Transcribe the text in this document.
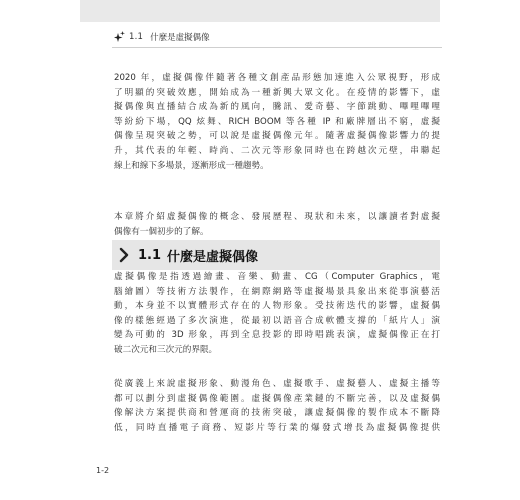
1.1 什麼是虛擬偶像
2020 年，虛擬偶像伴隨著各種文創產品形態加速進入公眾視野，形成
了明顯的突破效應，開始成為一種新興大眾文化。在疫情的影響下，虛
擬偶像與直播結合成為新的風向，騰訊、愛奇藝、字節跳動、嗶哩嗶哩
等紛紛下場，QQ 炫舞、RICH BOOM 等各種 IP 和廠牌層出不窮，虛擬
偶像呈現突破之勢，可以說是虛擬偶像元年。隨著虛擬偶像影響力的提
升，其代表的年輕、時尚、二次元等形象同時也在跨越次元壁，串聯起
線上和線下多場景，逐漸形成一種趨勢。
本章將介紹虛擬偶像的概念、發展歷程、現狀和未來，以讓讀者對虛擬
偶像有一個初步的了解。
1.1 什麼是虛擬偶像
虛擬偶像是指透過繪畫、音樂、動畫、CG（Computer Graphics，電
腦繪圖）等技術方法製作，在網際網路等虛擬場景具象出來從事演藝活
動，本身並不以實體形式存在的人物形象。受技術迭代的影響，虛擬偶
像的樣態經過了多次演進，從最初以語音合成軟體支撐的「紙片人」演
變為可動的 3D 形象，再到全息投影的即時唱跳表演，虛擬偶像正在打
破二次元和三次元的界限。
從廣義上來說虛擬形象、動漫角色、虛擬歌手、虛擬藝人、虛擬主播等
都可以劃分到虛擬偶像範圍。虛擬偶像產業鏈的不斷完善，以及虛擬偶
像解決方案提供商和營運商的技術突破，讓虛擬偶像的製作成本不斷降
低，同時直播電子商務、短影片等行業的爆發式增長為虛擬偶像提供
1-2
